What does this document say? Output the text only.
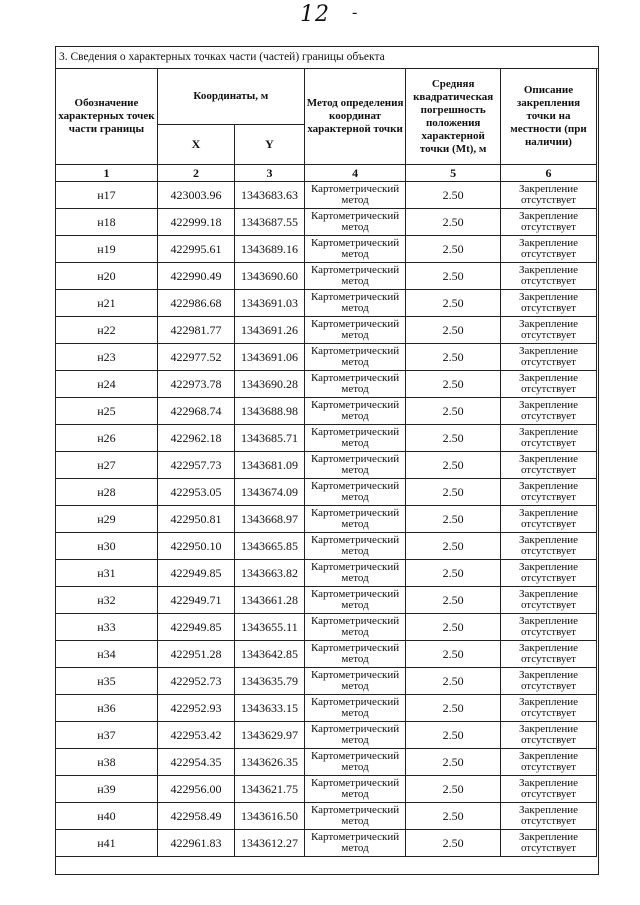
12 -
3. Сведения о характерных точках части (частей) границы объекта
Обозначение характерных точек части границы	Координаты, м		Метод определения координат характерной точки	Средняя квадратическая погрешность положения характерной точки (Mt), м	Описание закрепления точки на местности (при наличии)
	X	Y			
1	2	3	4	5	6
н17	423003.96	1343683.63	Картометрический метод	2.50	Закрепление отсутствует
н18	422999.18	1343687.55	Картометрический метод	2.50	Закрепление отсутствует
н19	422995.61	1343689.16	Картометрический метод	2.50	Закрепление отсутствует
н20	422990.49	1343690.60	Картометрический метод	2.50	Закрепление отсутствует
н21	422986.68	1343691.03	Картометрический метод	2.50	Закрепление отсутствует
н22	422981.77	1343691.26	Картометрический метод	2.50	Закрепление отсутствует
н23	422977.52	1343691.06	Картометрический метод	2.50	Закрепление отсутствует
н24	422973.78	1343690.28	Картометрический метод	2.50	Закрепление отсутствует
н25	422968.74	1343688.98	Картометрический метод	2.50	Закрепление отсутствует
н26	422962.18	1343685.71	Картометрический метод	2.50	Закрепление отсутствует
н27	422957.73	1343681.09	Картометрический метод	2.50	Закрепление отсутствует
н28	422953.05	1343674.09	Картометрический метод	2.50	Закрепление отсутствует
н29	422950.81	1343668.97	Картометрический метод	2.50	Закрепление отсутствует
н30	422950.10	1343665.85	Картометрический метод	2.50	Закрепление отсутствует
н31	422949.85	1343663.82	Картометрический метод	2.50	Закрепление отсутствует
н32	422949.71	1343661.28	Картометрический метод	2.50	Закрепление отсутствует
н33	422949.85	1343655.11	Картометрический метод	2.50	Закрепление отсутствует
н34	422951.28	1343642.85	Картометрический метод	2.50	Закрепление отсутствует
н35	422952.73	1343635.79	Картометрический метод	2.50	Закрепление отсутствует
н36	422952.93	1343633.15	Картометрический метод	2.50	Закрепление отсутствует
н37	422953.42	1343629.97	Картометрический метод	2.50	Закрепление отсутствует
н38	422954.35	1343626.35	Картометрический метод	2.50	Закрепление отсутствует
н39	422956.00	1343621.75	Картометрический метод	2.50	Закрепление отсутствует
н40	422958.49	1343616.50	Картометрический метод	2.50	Закрепление отсутствует
н41	422961.83	1343612.27	Картометрический метод	2.50	Закрепление отсутствует
